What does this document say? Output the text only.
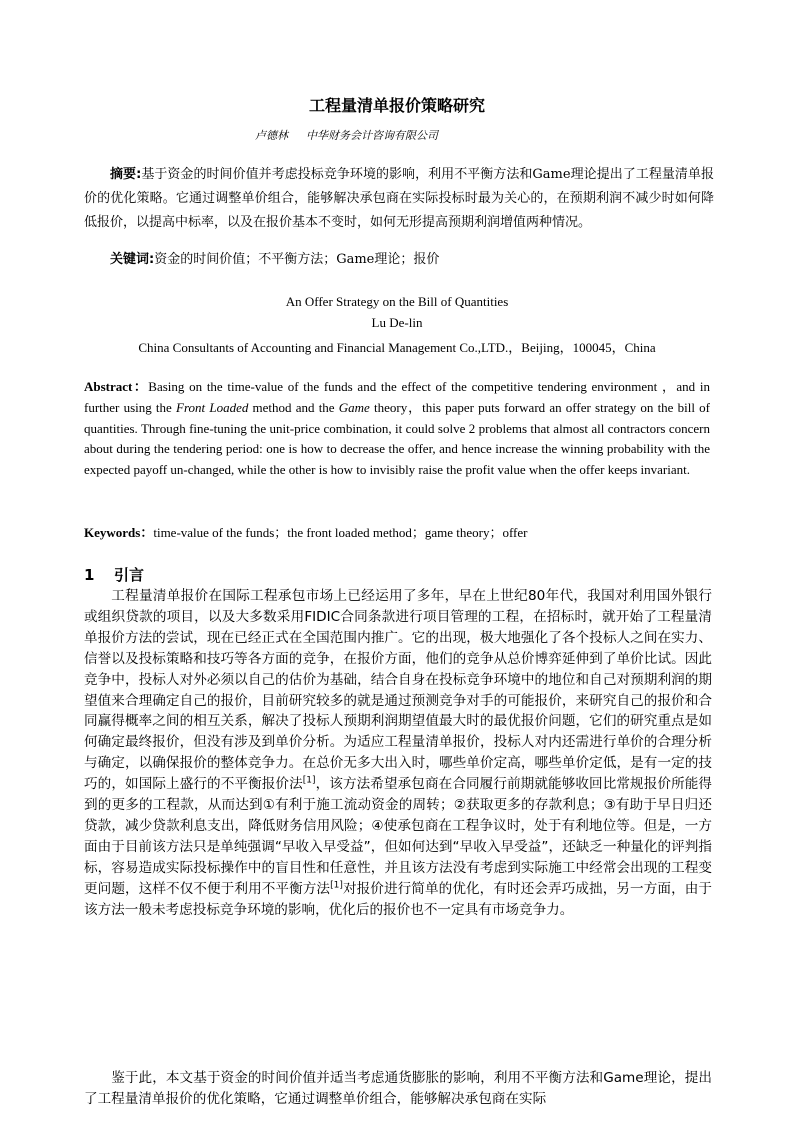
工程量清单报价策略研究
卢德林 中华财务会计咨询有限公司

摘要:基于资金的时间价值并考虑投标竞争环境的影响，利用不平衡方法和Game理论提出了工程量清单报价的优化策略。它通过调整单价组合，能够解决承包商在实际投标时最为关心的，在预期利润不减少时如何降低报价，以提高中标率，以及在报价基本不变时，如何无形提高预期利润增值两种情况。

关键词:资金的时间价值；不平衡方法；Game理论；报价

An Offer Strategy on the Bill of Quantities
Lu De-lin
China Consultants of Accounting and Financial Management Co.,LTD.，Beijing，100045，China

Abstract：Basing on the time-value of the funds and the effect of the competitive tendering environment ，and in further using the Front Loaded method and the Game theory，this paper puts forward an offer strategy on the bill of quantities. Through fine-tuning the unit-price combination, it could solve 2 problems that almost all contractors concern about during the tendering period: one is how to decrease the offer, and hence increase the winning probability with the expected payoff un-changed, while the other is how to invisibly raise the profit value when the offer keeps invariant.

Keywords：time-value of the funds；the front loaded method；game theory；offer

1 引言

工程量清单报价在国际工程承包市场上已经运用了多年，早在上世纪80年代，我国对利用国外银行或组织贷款的项目，以及大多数采用FIDIC合同条款进行项目管理的工程，在招标时，就开始了工程量清单报价方法的尝试，现在已经正式在全国范围内推广。它的出现，极大地强化了各个投标人之间在实力、信誉以及投标策略和技巧等各方面的竞争，在报价方面，他们的竞争从总价博弈延伸到了单价比试。因此竞争中，投标人对外必须以自己的估价为基础，结合自身在投标竞争环境中的地位和自己对预期利润的期望值来合理确定自己的报价，目前研究较多的就是通过预测竞争对手的可能报价，来研究自己的报价和合同赢得概率之间的相互关系，解决了投标人预期利润期望值最大时的最优报价问题，它们的研究重点是如何确定最终报价，但没有涉及到单价分析。为适应工程量清单报价，投标人对内还需进行单价的合理分析与确定，以确保报价的整体竞争力。在总价无多大出入时，哪些单价定高，哪些单价定低，是有一定的技巧的，如国际上盛行的不平衡报价法[1]，该方法希望承包商在合同履行前期就能够收回比常规报价所能得到的更多的工程款，从而达到①有利于施工流动资金的周转；②获取更多的存款利息；③有助于早日归还贷款，减少贷款利息支出，降低财务信用风险；④使承包商在工程争议时，处于有利地位等。但是，一方面由于目前该方法只是单纯强调“早收入早受益”，但如何达到“早收入早受益”，还缺乏一种量化的评判指标，容易造成实际投标操作中的盲目性和任意性，并且该方法没有考虑到实际施工中经常会出现的工程变更问题，这样不仅不便于利用不平衡方法[1]对报价进行简单的优化，有时还会弄巧成拙，另一方面，由于该方法一般未考虑投标竞争环境的影响，优化后的报价也不一定具有市场竞争力。

鉴于此，本文基于资金的时间价值并适当考虑通货膨胀的影响，利用不平衡方法和Game理论，提出了工程量清单报价的优化策略，它通过调整单价组合，能够解决承包商在实际
